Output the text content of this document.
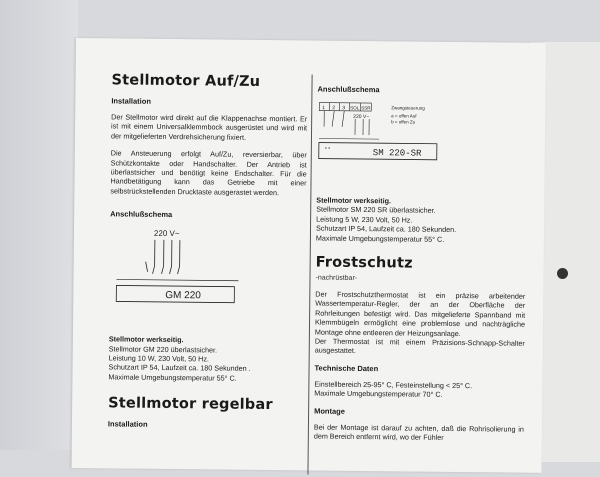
Stellmotor Auf/Zu
Installation

Der Stellmotor wird direkt auf die Klappenachse montiert. Er ist mit einem Universalklemmbock ausgerüstet und wird mit der mitgelieferten Verdrehsicherung fixiert.

Die Ansteuerung erfolgt Auf/Zu, reversierbar, über Schützkontakte oder Handschalter. Der Antrieb ist überlastsicher und benötigt keine Endschalter. Für die Handbetätigung kann das Getriebe mit einer selbstrückstellenden Drucktaste ausgerastet werden.

Anschlußschema
220 V~
GM 220
Stellmotor werkseitig.
Stellmotor GM 220 überlastsicher.
Leistung 10 W, 230 Volt, 50 Hz.
Schutzart IP 54, Laufzeit ca. 180 Sekunden .
Maximale Umgebungstemperatur 55° C.
Stellmotor regelbar
Installation
Anschlußschema
1 2 3 SOL SSR
220 V~
Zwangsteuerung
a = offen Auf
b = offen Zu
* *	SM 220-SR
Stellmotor werkseitig.
Stellmotor SM 220 SR überlastsicher.
Leistung 5 W, 230 Volt, 50 Hz.
Schutzart IP 54, Laufzeit ca. 180 Sekunden.
Maximale Umgebungstemperatur 55° C.
Frostschutz
-nachrüstbar-

Der Frostschutzthermostat ist ein präzise arbeitender Wassertemperatur-Regler, der an der Oberfläche der Rohrleitungen befestigt wird. Das mitgelieferte Spannband mit Klemmbügeln ermöglicht eine problemlose und nachträgliche Montage ohne entleeren der Heizungsanlage.

Der Thermostat ist mit einem Präzisions-Schnapp-Schalter ausgestattet.

Technische Daten
Einstellbereich 25-95° C, Festeinstellung < 25° C.
Maximale Umgebungstemperatur 70° C.
Montage

Bei der Montage ist darauf zu achten, daß die Rohrisolierung in dem Bereich entfernt wird, wo der Fühler
